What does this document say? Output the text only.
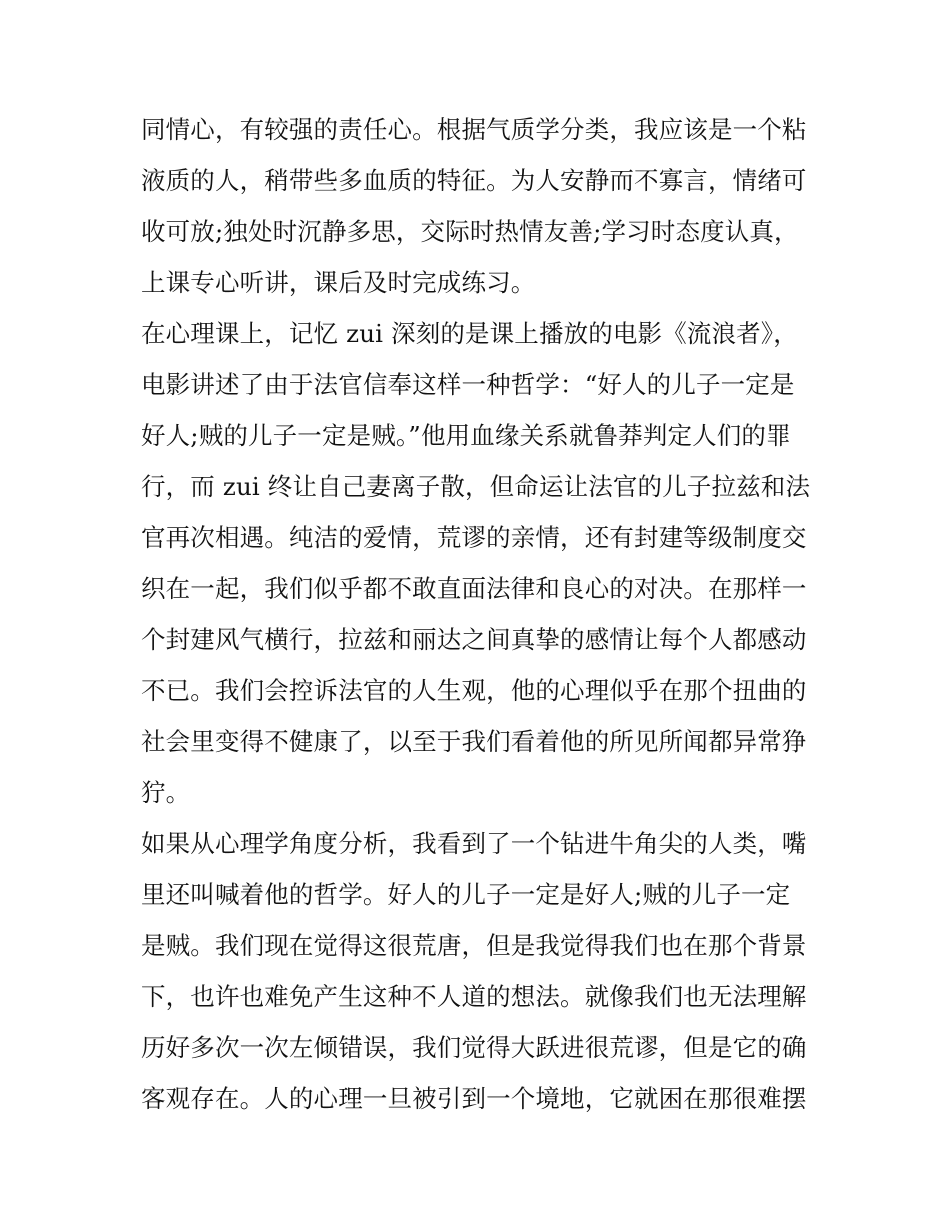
同情心，有较强的责任心。根据气质学分类，我应该是一个粘
液质的人，稍带些多血质的特征。为人安静而不寡言，情绪可
收可放;独处时沉静多思，交际时热情友善;学习时态度认真，
上课专心听讲，课后及时完成练习。
在心理课上，记忆 zui 深刻的是课上播放的电影《流浪者》，
电影讲述了由于法官信奉这样一种哲学：“好人的儿子一定是
好人;贼的儿子一定是贼。”他用血缘关系就鲁莽判定人们的罪
行，而 zui 终让自己妻离子散，但命运让法官的儿子拉兹和法
官再次相遇。纯洁的爱情，荒谬的亲情，还有封建等级制度交
织在一起，我们似乎都不敢直面法律和良心的对决。在那样一
个封建风气横行，拉兹和丽达之间真挚的感情让每个人都感动
不已。我们会控诉法官的人生观，他的心理似乎在那个扭曲的
社会里变得不健康了，以至于我们看着他的所见所闻都异常狰
狞。
如果从心理学角度分析，我看到了一个钻进牛角尖的人类，嘴
里还叫喊着他的哲学。好人的儿子一定是好人;贼的儿子一定
是贼。我们现在觉得这很荒唐，但是我觉得我们也在那个背景
下，也许也难免产生这种不人道的想法。就像我们也无法理解
历好多次一次左倾错误，我们觉得大跃进很荒谬，但是它的确
客观存在。人的心理一旦被引到一个境地，它就困在那很难摆
